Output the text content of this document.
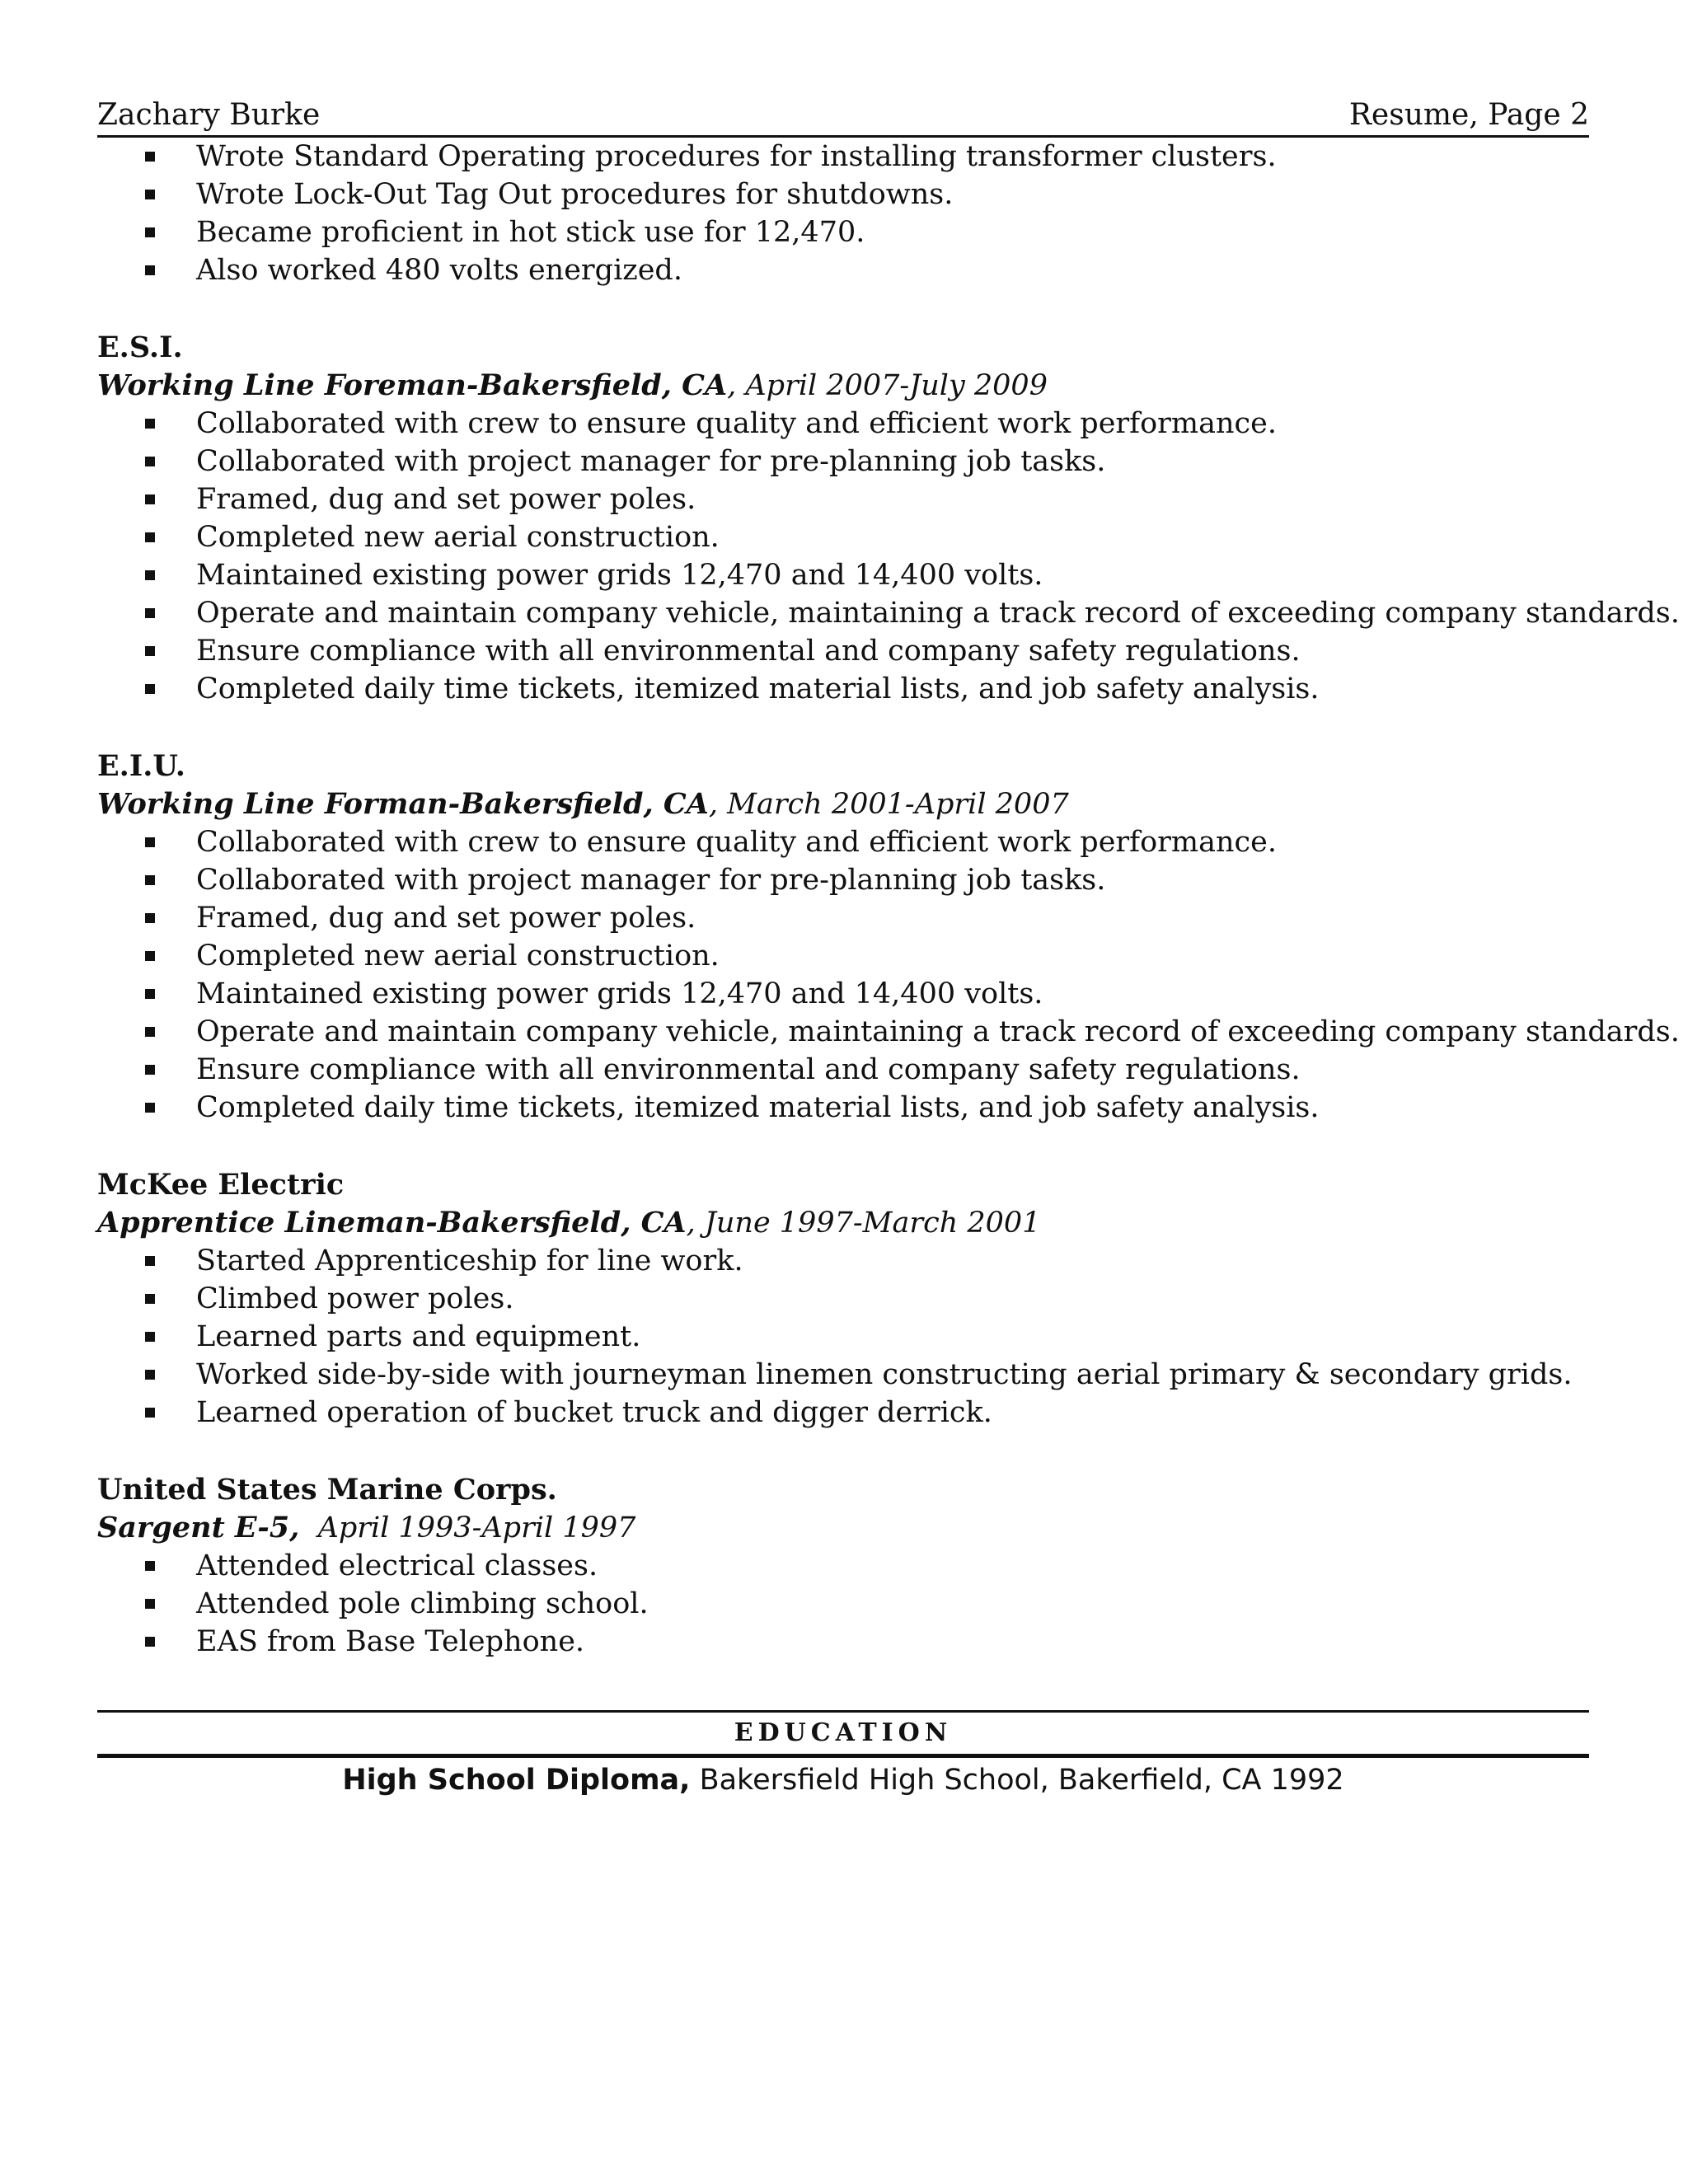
Zachary Burke	Resume, Page 2
Wrote Standard Operating procedures for installing transformer clusters.
Wrote Lock-Out Tag Out procedures for shutdowns.
Became proficient in hot stick use for 12,470.
Also worked 480 volts energized.
E.S.I.
Working Line Foreman-Bakersfield, CA, April 2007-July 2009
Collaborated with crew to ensure quality and efficient work performance.
Collaborated with project manager for pre-planning job tasks.
Framed, dug and set power poles.
Completed new aerial construction.
Maintained existing power grids 12,470 and 14,400 volts.
Operate and maintain company vehicle, maintaining a track record of exceeding company standards.
Ensure compliance with all environmental and company safety regulations.
Completed daily time tickets, itemized material lists, and job safety analysis.
E.I.U.
Working Line Forman-Bakersfield, CA, March 2001-April 2007
Collaborated with crew to ensure quality and efficient work performance.
Collaborated with project manager for pre-planning job tasks.
Framed, dug and set power poles.
Completed new aerial construction.
Maintained existing power grids 12,470 and 14,400 volts.
Operate and maintain company vehicle, maintaining a track record of exceeding company standards.
Ensure compliance with all environmental and company safety regulations.
Completed daily time tickets, itemized material lists, and job safety analysis.
McKee Electric
Apprentice Lineman-Bakersfield, CA, June 1997-March 2001
Started Apprenticeship for line work.
Climbed power poles.
Learned parts and equipment.
Worked side-by-side with journeyman linemen constructing aerial primary & secondary grids.
Learned operation of bucket truck and digger derrick.
United States Marine Corps.
Sargent E-5,  April 1993-April 1997
Attended electrical classes.
Attended pole climbing school.
EAS from Base Telephone.
EDUCATION
High School Diploma, Bakersfield High School, Bakerfield, CA 1992
